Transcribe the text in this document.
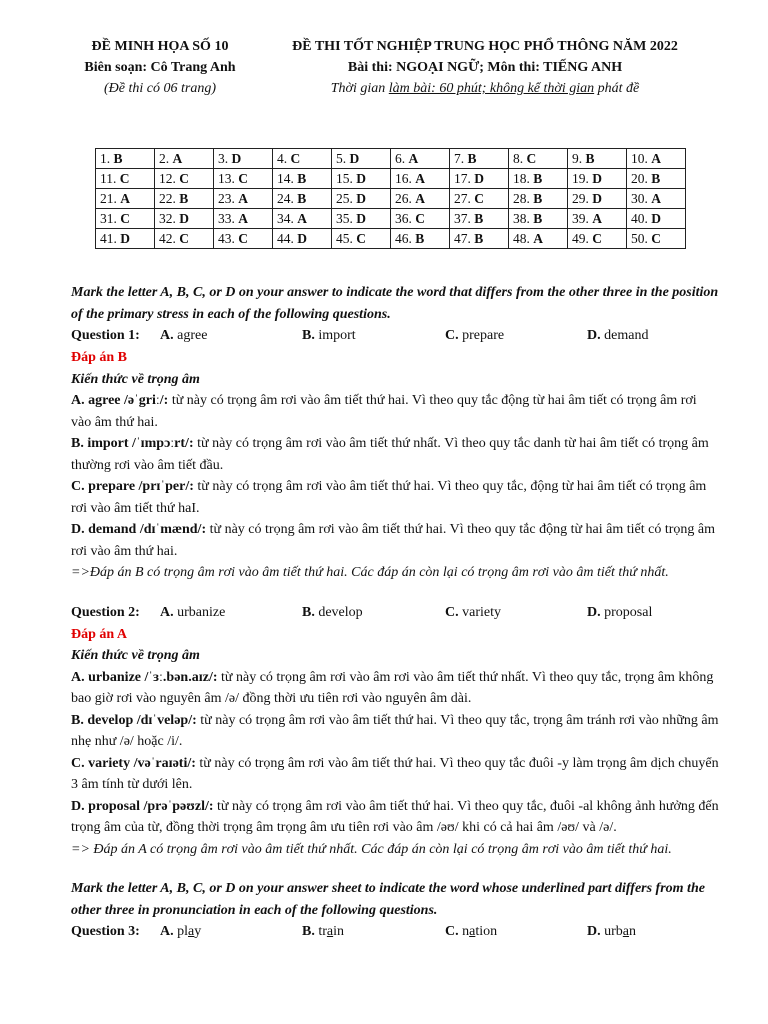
ĐỀ MINH HỌA SỐ 10
Biên soạn: Cô Trang Anh
(Đề thi có 06 trang)
ĐỀ THI TỐT NGHIỆP TRUNG HỌC PHỔ THÔNG NĂM 2022
Bài thi: NGOẠI NGỮ; Môn thi: TIẾNG ANH
Thời gian làm bài: 60 phút; không kể thời gian phát đề
1. B	2. A	3. D	4. C	5. D	6. A	7. B	8. C	9. B	10. A
11. C	12. C	13. C	14. B	15. D	16. A	17. D	18. B	19. D	20. B
21. A	22. B	23. A	24. B	25. D	26. A	27. C	28. B	29. D	30. A
31. C	32. D	33. A	34. A	35. D	36. C	37. B	38. B	39. A	40. D
41. D	42. C	43. C	44. D	45. C	46. B	47. B	48. A	49. C	50. C

Mark the letter A, B, C, or D on your answer to indicate the word that differs from the other three in the position of the primary stress in each of the following questions.

Question 1: A. agree	B. import	C. prepare	D. demand

Đáp án B

Kiến thức về trọng âm

A. agree /əˈgriː/: từ này có trọng âm rơi vào âm tiết thứ hai. Vì theo quy tắc động từ hai âm tiết có trọng âm rơi vào âm thứ hai.

B. import /ˈɪmpɔːrt/: từ này có trọng âm rơi vào âm tiết thứ nhất. Vì theo quy tắc danh từ hai âm tiết có trọng âm thường rơi vào âm tiết đầu.

C. prepare /prɪˈper/: từ này có trọng âm rơi vào âm tiết thứ hai. Vì theo quy tắc, động từ hai âm tiết có trọng âm rơi vào âm tiết thứ haI.

D. demand /dɪˈmænd/: từ này có trọng âm rơi vào âm tiết thứ hai. Vì theo quy tắc động từ hai âm tiết có trọng âm rơi vào âm thứ hai.

=>Đáp án B có trọng âm rơi vào âm tiết thứ hai. Các đáp án còn lại có trọng âm rơi vào âm tiết thứ nhất.

Question 2: A. urbanize	B. develop	C. variety	D. proposal

Đáp án A

Kiến thức về trọng âm

A. urbanize /ˈɜː.bən.aɪz/: từ này có trọng âm rơi vào âm rơi vào âm tiết thứ nhất. Vì theo quy tắc, trọng âm không bao giờ rơi vào nguyên âm /ə/ đồng thời ưu tiên rơi vào nguyên âm dài.

B. develop /dɪˈveləp/: từ này có trọng âm rơi vào âm tiết thứ hai. Vì theo quy tắc, trọng âm tránh rơi vào những âm nhẹ như /ə/ hoặc /i/.

C. variety /vəˈraɪəti/: từ này có trọng âm rơi vào âm tiết thứ hai. Vì theo quy tắc đuôi -y làm trọng âm dịch chuyển 3 âm tính từ dưới lên.

D. proposal /prəˈpəʊzl/: từ này có trọng âm rơi vào âm tiết thứ hai. Vì theo quy tắc, đuôi -al không ảnh hưởng đến trọng âm của từ, đồng thời trọng âm trọng âm ưu tiên rơi vào âm /əʊ/ khi có cả hai âm /əʊ/ và /ə/.

=> Đáp án A có trọng âm rơi vào âm tiết thứ nhất. Các đáp án còn lại có trọng âm rơi vào âm tiết thứ hai.

Mark the letter A, B, C, or D on your answer sheet to indicate the word whose underlined part differs from the other three in pronunciation in each of the following questions.

Question 3: A. play	B. train	C. nation	D. urban
